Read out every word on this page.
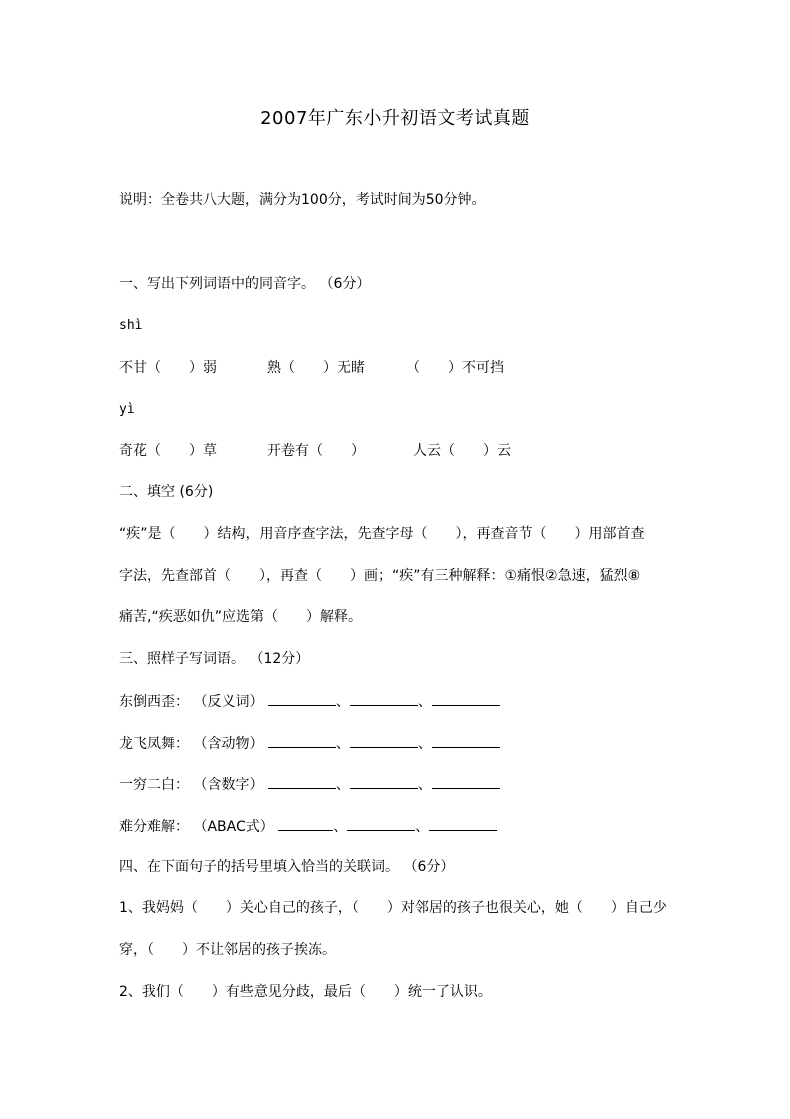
2007年广东小升初语文考试真题
说明：全卷共八大题，满分为100分，考试时间为50分钟。
一、写出下列词语中的同音字。 （6分）
shì
不甘（　　）弱	熟（　　）无睹	（　　）不可挡
yì
奇花（　　）草	开卷有（　　）	人云（　　）云
二、填空 (6分)
“疾”是（　　）结构，用音序查字法，先查字母（　　），再查音节（　　）用部首查
字法，先查部首（　　），再查（　　）画；“疾”有三种解释：①痛恨②急速，猛烈⑧
痛苦,“疾恶如仇”应选第（　　）解释。
三、照样子写词语。 （12分）
东倒西歪： （反义词）	、	、
龙飞凤舞： （含动物）	、	、
一穷二白： （含数字）	、	、
难分难解： （ABAC式）	、	、
四、在下面句子的括号里填入恰当的关联词。 （6分）
1、我妈妈（　　）关心自己的孩子，（　　）对邻居的孩子也很关心，她（　　）自己少
穿，（　　）不让邻居的孩子挨冻。
2、我们（　　）有些意见分歧，最后（　　）统一了认识。
